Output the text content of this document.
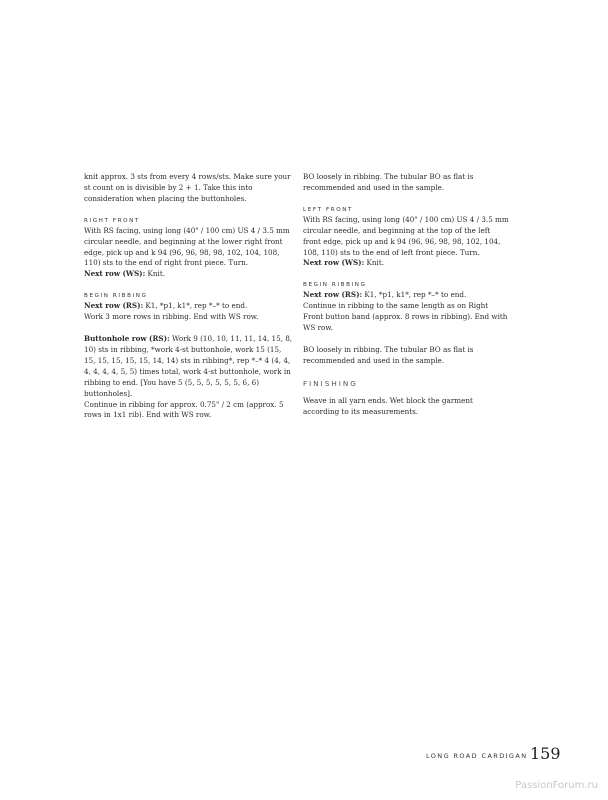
knit approx. 3 sts from every 4 rows/sts. Make sure your st count on is divisible by 2 + 1. Take this into consideration when placing the buttonholes.

RIGHT FRONT

With RS facing, using long (40" / 100 cm) US 4 / 3.5 mm circular needle, and beginning at the lower right front edge, pick up and k 94 (96, 96, 98, 98, 102, 104, 108, 110) sts to the end of right front piece. Turn.

Next row (WS): Knit.

BEGIN RIBBING

Next row (RS): K1, *p1, k1*, rep *–* to end.

Work 3 more rows in ribbing. End with WS row.

Buttonhole row (RS): Work 9 (10, 10, 11, 11, 14, 15, 8, 10) sts in ribbing, *work 4-st buttonhole, work 15 (15, 15, 15, 15, 15, 15, 14, 14) sts in ribbing*, rep *–* 4 (4, 4, 4, 4, 4, 4, 5, 5) times total, work 4-st buttonhole, work in ribbing to end. [You have 5 (5, 5, 5, 5, 5, 5, 6, 6) buttonholes].

Continue in ribbing for approx. 0.75" / 2 cm (approx. 5 rows in 1x1 rib). End with WS row.

BO loosely in ribbing. The tubular BO as flat is recommended and used in the sample.

LEFT FRONT

With RS facing, using long (40" / 100 cm) US 4 / 3.5 mm circular needle, and beginning at the top of the left front edge, pick up and k 94 (96, 96, 98, 98, 102, 104, 108, 110) sts to the end of left front piece. Turn.

Next row (WS): Knit.

BEGIN RIBBING

Next row (RS): K1, *p1, k1*, rep *–* to end.

Continue in ribbing to the same length as on Right Front button band (approx. 8 rows in ribbing). End with WS row.

BO loosely in ribbing. The tubular BO as flat is recommended and used in the sample.

FINISHING

Weave in all yarn ends. Wet block the garment according to its measurements.

LONG ROAD CARDIGAN 159
PassionForum.ru
